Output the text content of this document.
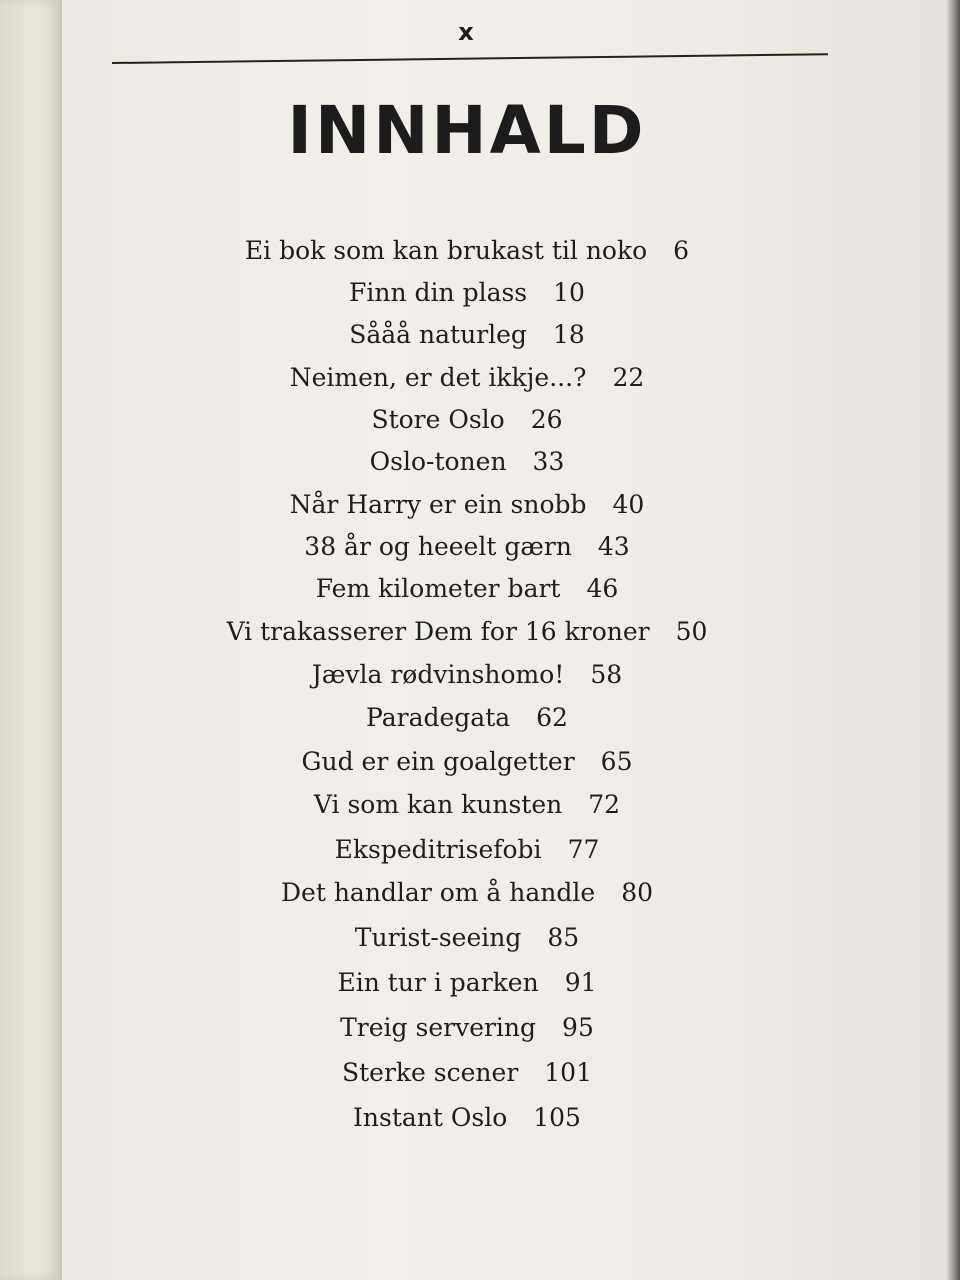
x
INNHALD
Ei bok som kan brukast til noko 6
Finn din plass 10
Sååå naturleg 18
Neimen, er det ikkje...? 22
Store Oslo 26
Oslo-tonen 33
Når Harry er ein snobb 40
38 år og heeelt gærn 43
Fem kilometer bart 46
Vi trakasserer Dem for 16 kroner 50
Jævla rødvinshomo! 58
Paradegata 62
Gud er ein goalgetter 65
Vi som kan kunsten 72
Ekspeditrisefobi 77
Det handlar om å handle 80
Turist-seeing 85
Ein tur i parken 91
Treig servering 95
Sterke scener 101
Instant Oslo 105
